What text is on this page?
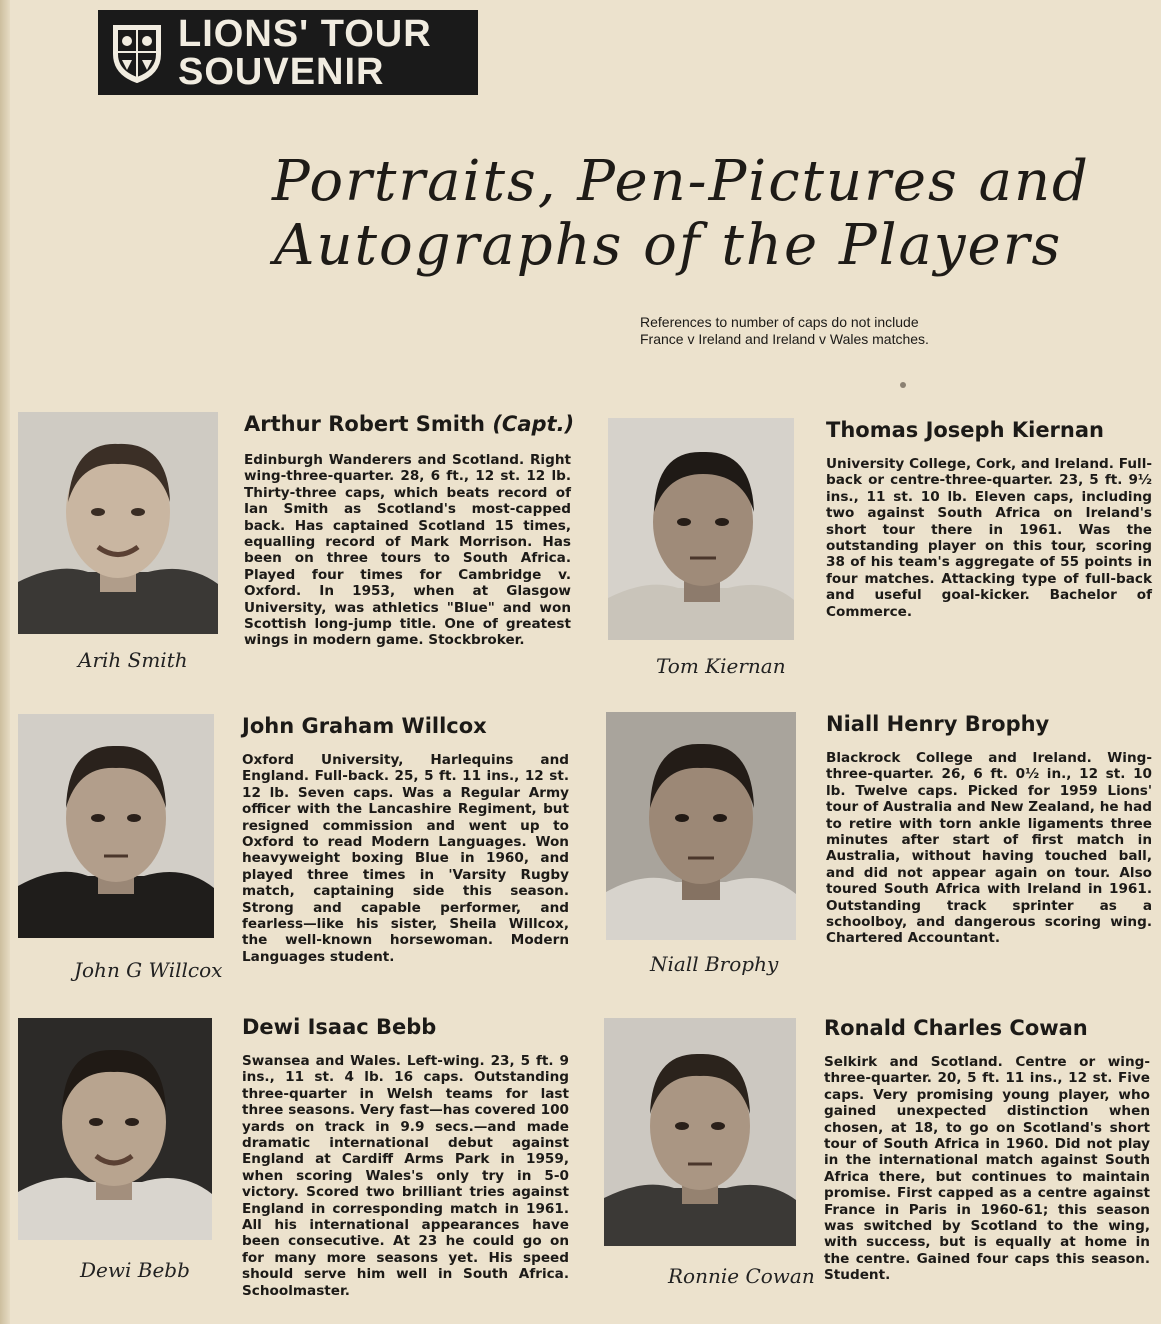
LIONS' TOUR
SOUVENIR
Portraits, Pen-Pictures and
Autographs of the Players
References to number of caps do not include
France v Ireland and Ireland v Wales matches.
Arih Smith
Arthur Robert Smith (Capt.)
Edinburgh Wanderers and Scotland. Right wing-three-quarter. 28, 6 ft., 12 st. 12 lb. Thirty-three caps, which beats record of Ian Smith as Scotland's most-capped back. Has captained Scotland 15 times, equalling record of Mark Morrison. Has been on three tours to South Africa. Played four times for Cambridge v. Oxford. In 1953, when at Glasgow University, was athletics "Blue" and won Scottish long-jump title. One of greatest wings in modern game. Stockbroker.
Tom Kiernan
Thomas Joseph Kiernan
University College, Cork, and Ireland. Full-back or centre-three-quarter. 23, 5 ft. 9½ ins., 11 st. 10 lb. Eleven caps, including two against South Africa on Ireland's short tour there in 1961. Was the outstanding player on this tour, scoring 38 of his team's aggregate of 55 points in four matches. Attacking type of full-back and useful goal-kicker. Bachelor of Commerce.
John G Willcox
John Graham Willcox
Oxford University, Harlequins and England. Full-back. 25, 5 ft. 11 ins., 12 st. 12 lb. Seven caps. Was a Regular Army officer with the Lancashire Regiment, but resigned commission and went up to Oxford to read Modern Languages. Won heavyweight boxing Blue in 1960, and played three times in 'Varsity Rugby match, captaining side this season. Strong and capable performer, and fearless—like his sister, Sheila Willcox, the well-known horsewoman. Modern Languages student.	Niall Brophy
Niall Henry Brophy
Blackrock College and Ireland. Wing-three-quarter. 26, 6 ft. 0½ in., 12 st. 10 lb. Twelve caps. Picked for 1959 Lions' tour of Australia and New Zealand, he had to retire with torn ankle ligaments three minutes after start of first match in Australia, without having touched ball, and did not appear again on tour. Also toured South Africa with Ireland in 1961. Outstanding track sprinter as a schoolboy, and dangerous scoring wing. Chartered Accountant.
Dewi Bebb
Dewi Isaac Bebb
Swansea and Wales. Left-wing. 23, 5 ft. 9 ins., 11 st. 4 lb. 16 caps. Outstanding three-quarter in Welsh teams for last three seasons. Very fast—has covered 100 yards on track in 9.9 secs.—and made dramatic international debut against England at Cardiff Arms Park in 1959, when scoring Wales's only try in 5-0 victory. Scored two brilliant tries against England in corresponding match in 1961. All his international appearances have been consecutive. At 23 he could go on for many more seasons yet. His speed should serve him well in South Africa. Schoolmaster.
Ronnie Cowan
Ronald Charles Cowan
Selkirk and Scotland. Centre or wing-three-quarter. 20, 5 ft. 11 ins., 12 st. Five caps. Very promising young player, who gained unexpected distinction when chosen, at 18, to go on Scotland's short tour of South Africa in 1960. Did not play in the international match against South Africa there, but continues to maintain promise. First capped as a centre against France in Paris in 1960-61; this season was switched by Scotland to the wing, with success, but is equally at home in the centre. Gained four caps this season. Student.
